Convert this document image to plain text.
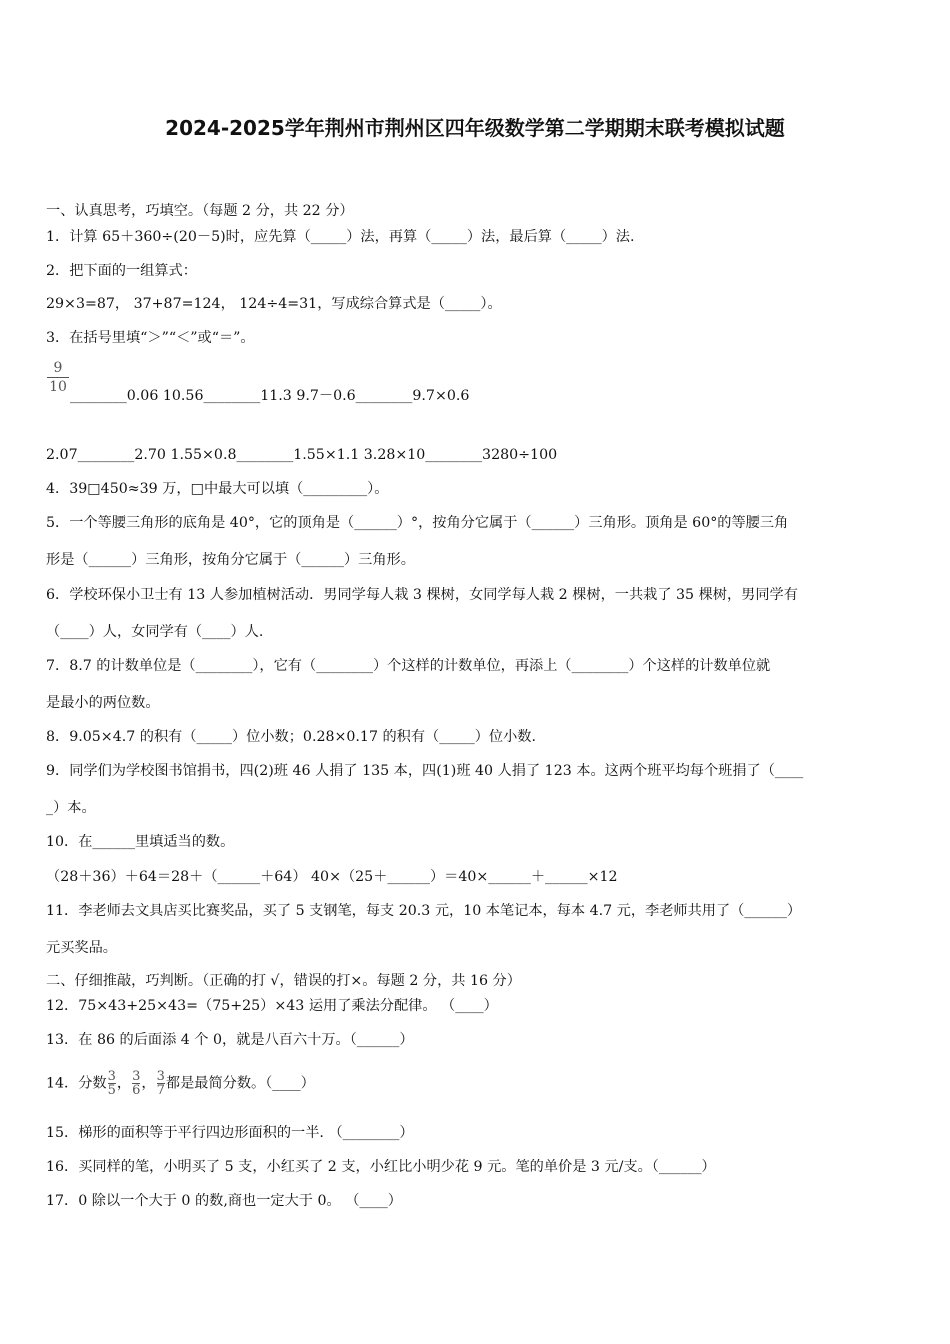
2024-2025学年荆州市荆州区四年级数学第二学期期末联考模拟试题
一、认真思考，巧填空。（每题 2 分，共 22 分）
1．计算 65＋360÷(20－5)时，应先算（_____）法，再算（_____）法，最后算（_____）法.
2．把下面的一组算式：
29×3=87， 37+87=124， 124÷4=31，写成综合算式是（_____）。
3．在括号里填“＞”“＜”或“＝”。
9
10
________0.06 10.56________11.3 9.7－0.6________9.7×0.6
2.07________2.70 1.55×0.8________1.55×1.1 3.28×10________3280÷100
4．39□450≈39 万，□中最大可以填（_________）。
5．一个等腰三角形的底角是 40°，它的顶角是（______）°，按角分它属于（______）三角形。顶角是 60°的等腰三角
形是（______）三角形，按角分它属于（______）三角形。
6．学校环保小卫士有 13 人参加植树活动．男同学每人栽 3 棵树，女同学每人栽 2 棵树，一共栽了 35 棵树，男同学有
（____）人，女同学有（____）人.
7．8.7 的计数单位是（________），它有（________）个这样的计数单位，再添上（________）个这样的计数单位就
是最小的两位数。
8．9.05×4.7 的积有（_____）位小数；0.28×0.17 的积有（_____）位小数.
9．同学们为学校图书馆捐书，四(2)班 46 人捐了 135 本，四(1)班 40 人捐了 123 本。这两个班平均每个班捐了（____
_）本。
10．在______里填适当的数。
（28＋36）＋64＝28＋（______＋64） 40×（25＋______）＝40×______＋______×12
11．李老师去文具店买比赛奖品，买了 5 支钢笔，每支 20.3 元，10 本笔记本，每本 4.7 元，李老师共用了（______）
元买奖品。
二、仔细推敲，巧判断。（正确的打 √，错误的打×。每题 2 分，共 16 分）
12．75×43+25×43=（75+25）×43 运用了乘法分配律。 （____）
13．在 86 的后面添 4 个 0，就是八百六十万。（______）
14．分数 $\frac{3}{5}$ ， $\frac{3}{6}$ ， $\frac{3}{7}$ 都是最简分数。（____）
15．梯形的面积等于平行四边形面积的一半. （________）
16．买同样的笔，小明买了 5 支，小红买了 2 支，小红比小明少花 9 元。笔的单价是 3 元/支。（______）
17．0 除以一个大于 0 的数,商也一定大于 0。 （____）
